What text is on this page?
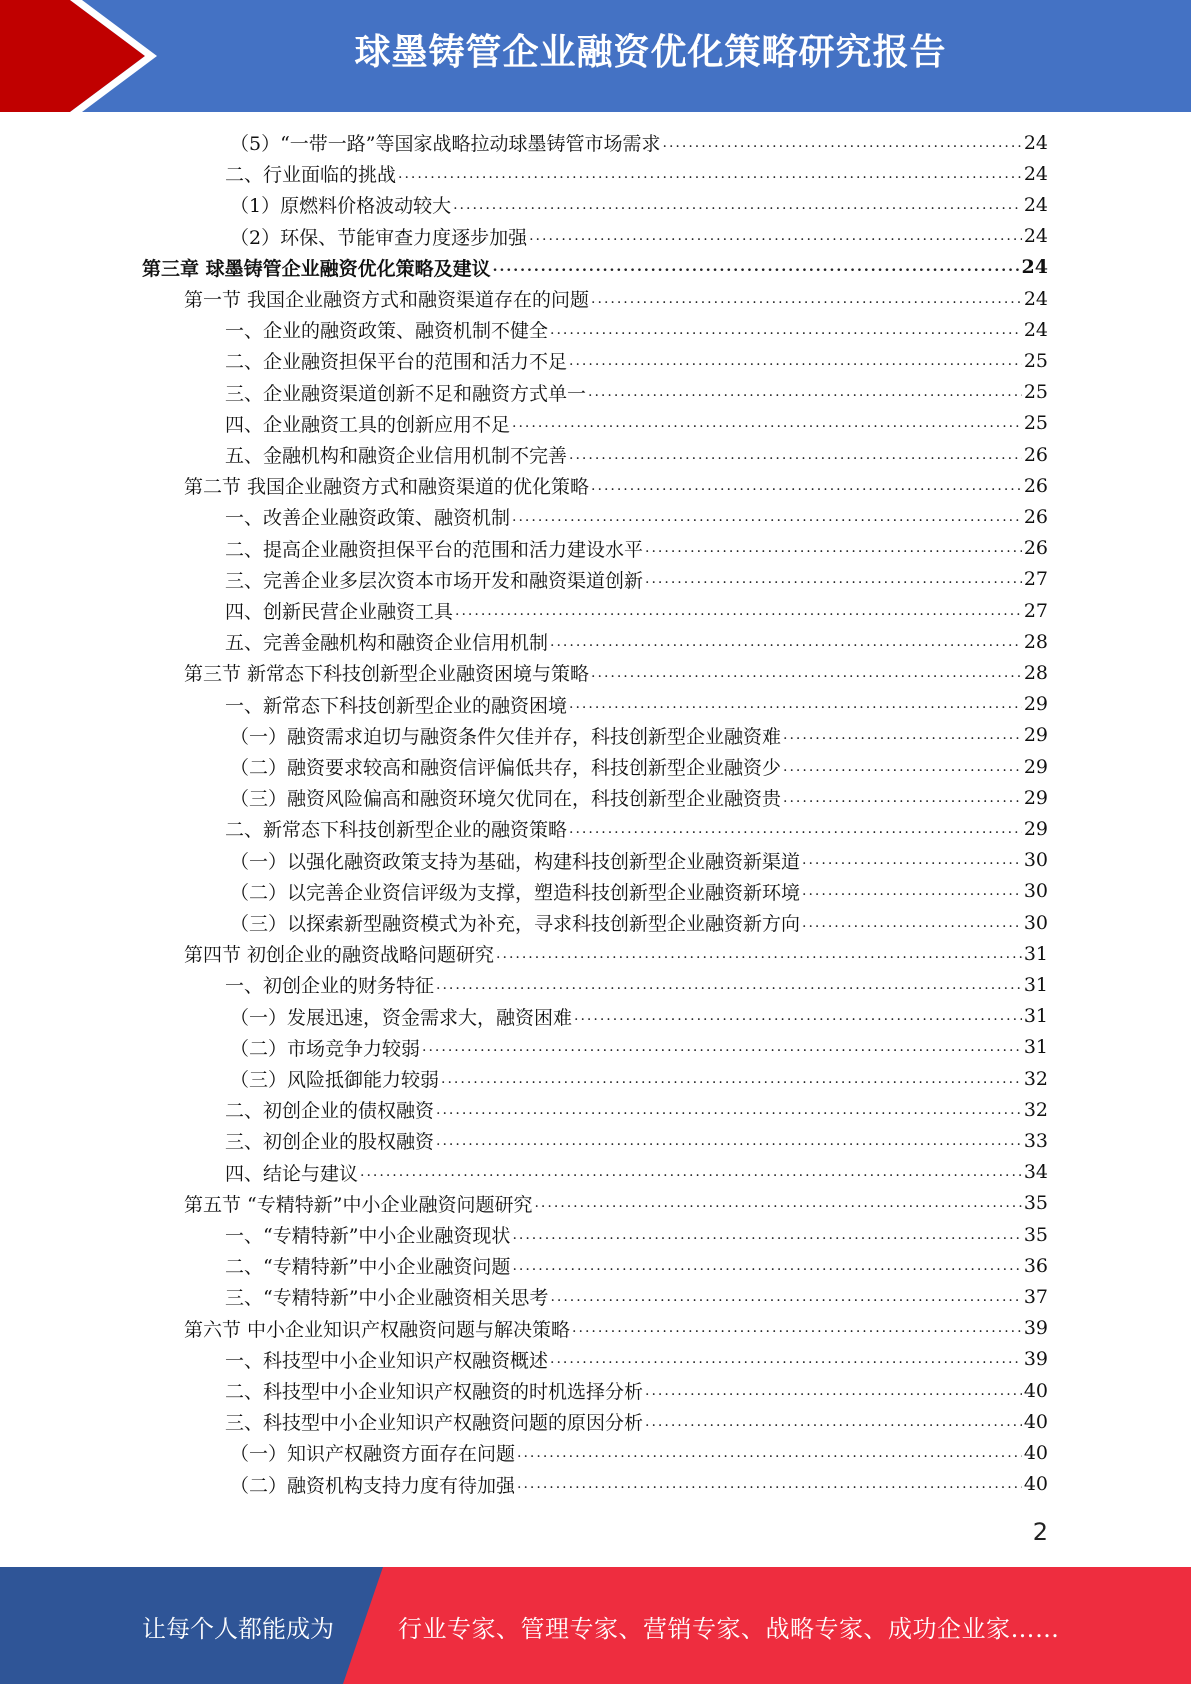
球墨铸管企业融资优化策略研究报告
（5）“一带一路”等国家战略拉动球墨铸管市场需求 .....	24
二、行业面临的挑战 .....	24
（1）原燃料价格波动较大 .....	24
（2）环保、节能审查力度逐步加强 .....	24
第三章 球墨铸管企业融资优化策略及建议 .....	24
第一节 我国企业融资方式和融资渠道存在的问题 .....	24
一、企业的融资政策、融资机制不健全 .....	24
二、企业融资担保平台的范围和活力不足 .....	25
三、企业融资渠道创新不足和融资方式单一 .....	25
四、企业融资工具的创新应用不足 .....	25
五、金融机构和融资企业信用机制不完善 .....	26
第二节 我国企业融资方式和融资渠道的优化策略 .....	26
一、改善企业融资政策、融资机制 .....	26
二、提高企业融资担保平台的范围和活力建设水平 .....	26
三、完善企业多层次资本市场开发和融资渠道创新 .....	27
四、创新民营企业融资工具 .....	27
五、完善金融机构和融资企业信用机制 .....	28
第三节 新常态下科技创新型企业融资困境与策略 .....	28
一、新常态下科技创新型企业的融资困境 .....	29
（一）融资需求迫切与融资条件欠佳并存，科技创新型企业融资难 .....	29
（二）融资要求较高和融资信评偏低共存，科技创新型企业融资少 .....	29
（三）融资风险偏高和融资环境欠优同在，科技创新型企业融资贵 .....	29
二、新常态下科技创新型企业的融资策略 .....	29
（一）以强化融资政策支持为基础，构建科技创新型企业融资新渠道 .....	30
（二）以完善企业资信评级为支撑，塑造科技创新型企业融资新环境 .....	30
（三）以探索新型融资模式为补充，寻求科技创新型企业融资新方向 .....	30
第四节 初创企业的融资战略问题研究 .....	31
一、初创企业的财务特征 .....	31
（一）发展迅速，资金需求大，融资困难 .....	31
（二）市场竞争力较弱 .....	31
（三）风险抵御能力较弱 .....	32
二、初创企业的债权融资 .....	32
三、初创企业的股权融资 .....	33
四、结论与建议 .....	34
第五节 “专精特新”中小企业融资问题研究 .....	35
一、“专精特新”中小企业融资现状 .....	35
二、“专精特新”中小企业融资问题 .....	36
三、“专精特新”中小企业融资相关思考 .....	37
第六节 中小企业知识产权融资问题与解决策略 .....	39
一、科技型中小企业知识产权融资概述 .....	39
二、科技型中小企业知识产权融资的时机选择分析 .....	40
三、科技型中小企业知识产权融资问题的原因分析 .....	40
（一）知识产权融资方面存在问题 .....	40
（二）融资机构支持力度有待加强 .....	40
2
让每个人都能成为	行业专家、管理专家、营销专家、战略专家、成功企业家……
